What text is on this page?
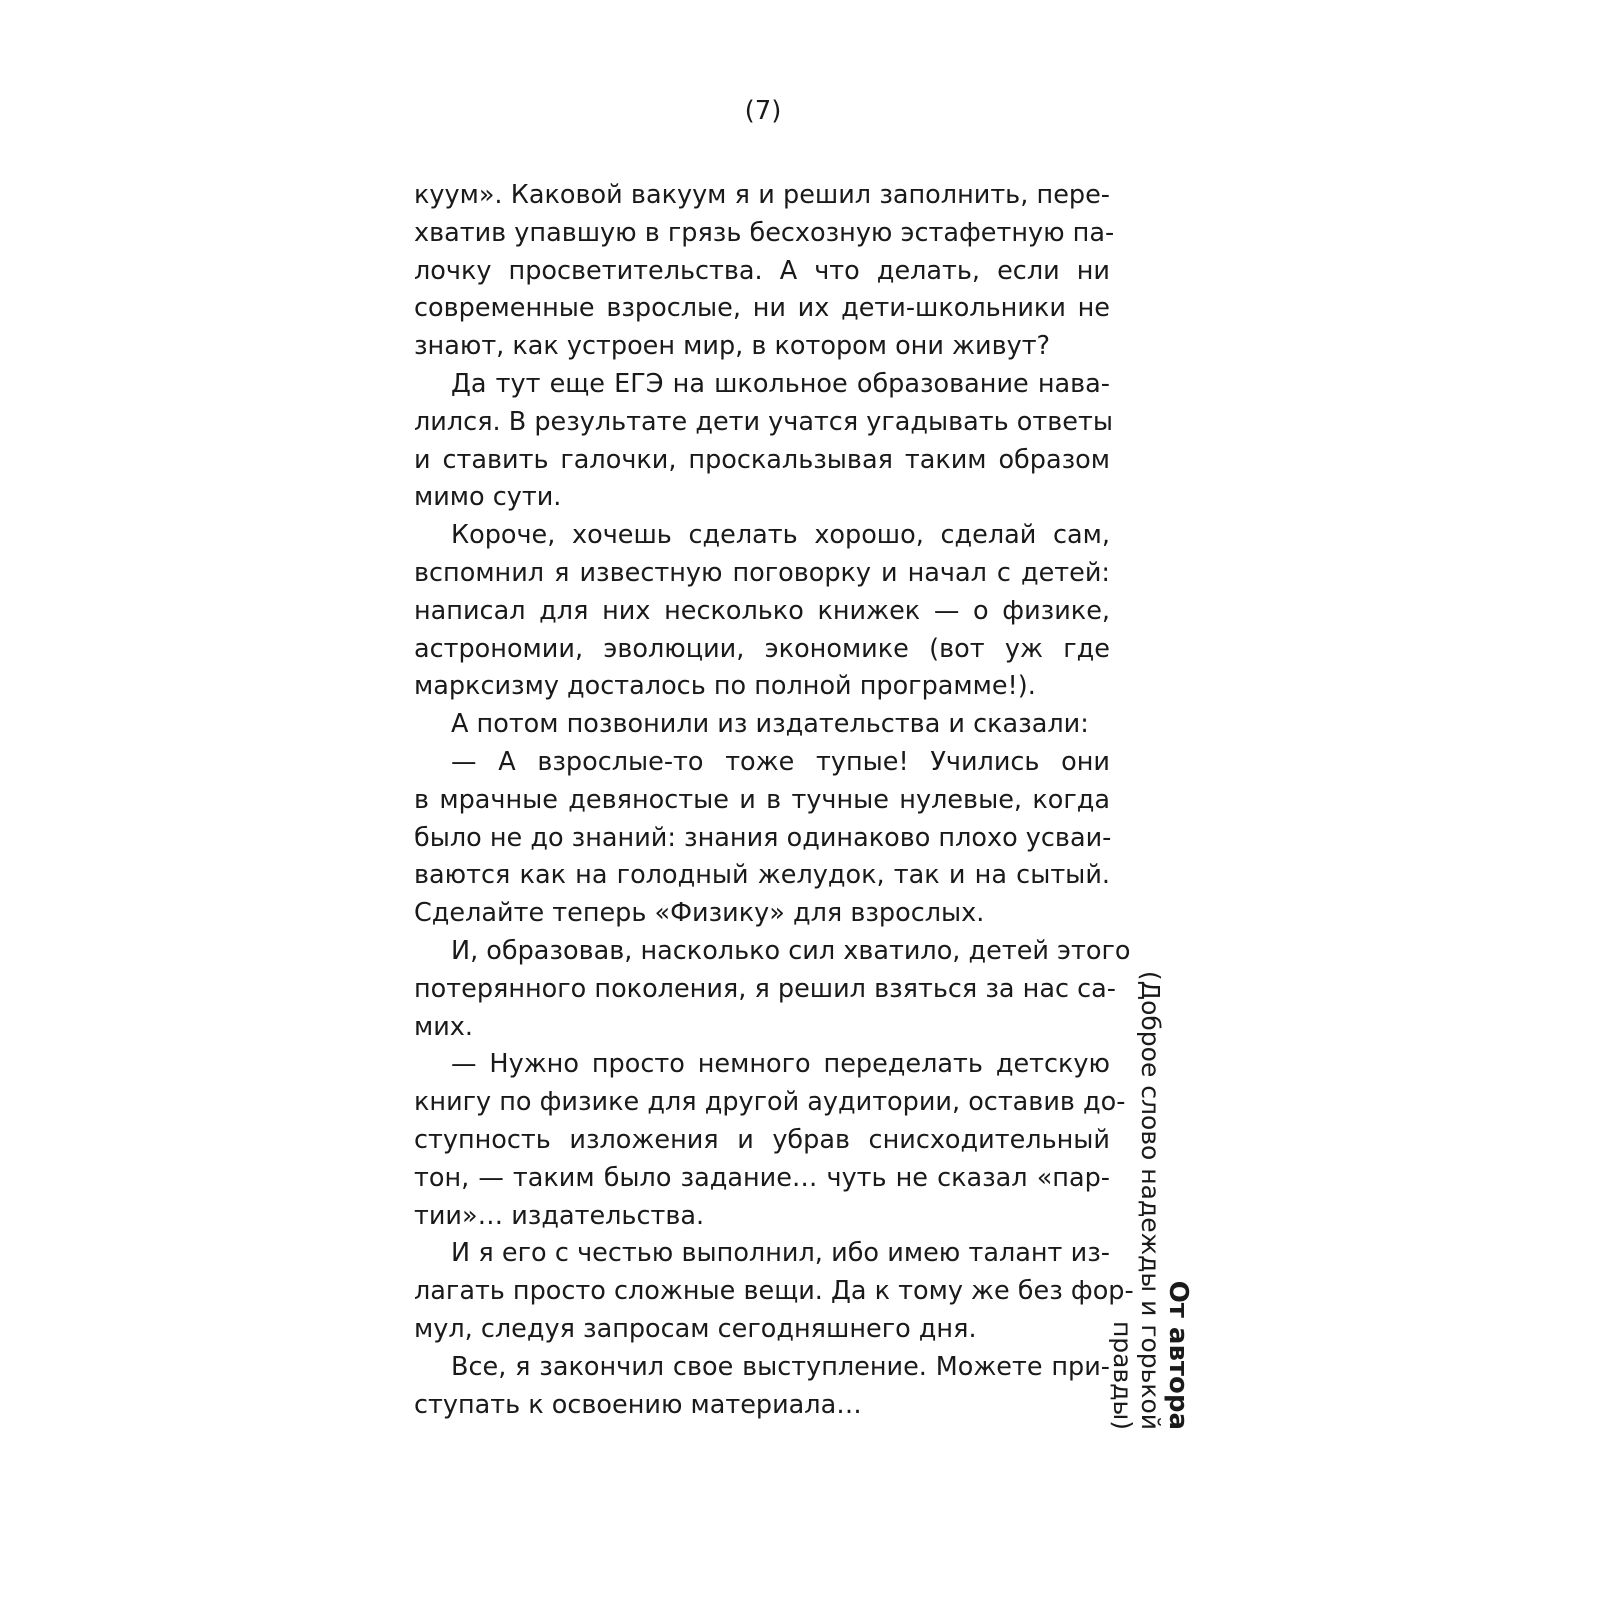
(7)
куум». Каковой вакуум я и решил заполнить, пере-
хватив упавшую в грязь бесхозную эстафетную па-
лочку просветительства. А что делать, если ни
современные взрослые, ни их дети-школьники не
знают, как устроен мир, в котором они живут?
Да тут еще ЕГЭ на школьное образование нава-
лился. В результате дети учатся угадывать ответы
и ставить галочки, проскальзывая таким образом
мимо сути.
Короче, хочешь сделать хорошо, сделай сам,
вспомнил я известную поговорку и начал с детей:
написал для них несколько книжек — о физике,
астрономии, эволюции, экономике (вот уж где
марксизму досталось по полной программе!).
А потом позвонили из издательства и сказали:
— А взрослые-то тоже тупые! Учились они
в мрачные девяностые и в тучные нулевые, когда
было не до знаний: знания одинаково плохо усваи-
ваются как на голодный желудок, так и на сытый.
Сделайте теперь «Физику» для взрослых.
И, образовав, насколько сил хватило, детей этого
потерянного поколения, я решил взяться за нас са-
мих.
— Нужно просто немного переделать детскую
книгу по физике для другой аудитории, оставив до-
ступность изложения и убрав снисходительный
тон, — таким было задание… чуть не сказал «пар-
тии»… издательства.
И я его с честью выполнил, ибо имею талант из-
лагать просто сложные вещи. Да к тому же без фор-
мул, следуя запросам сегодняшнего дня.
Все, я закончил свое выступление. Можете при-
ступать к освоению материала…	От автора
(Доброе слово надежды и горькой правды)
